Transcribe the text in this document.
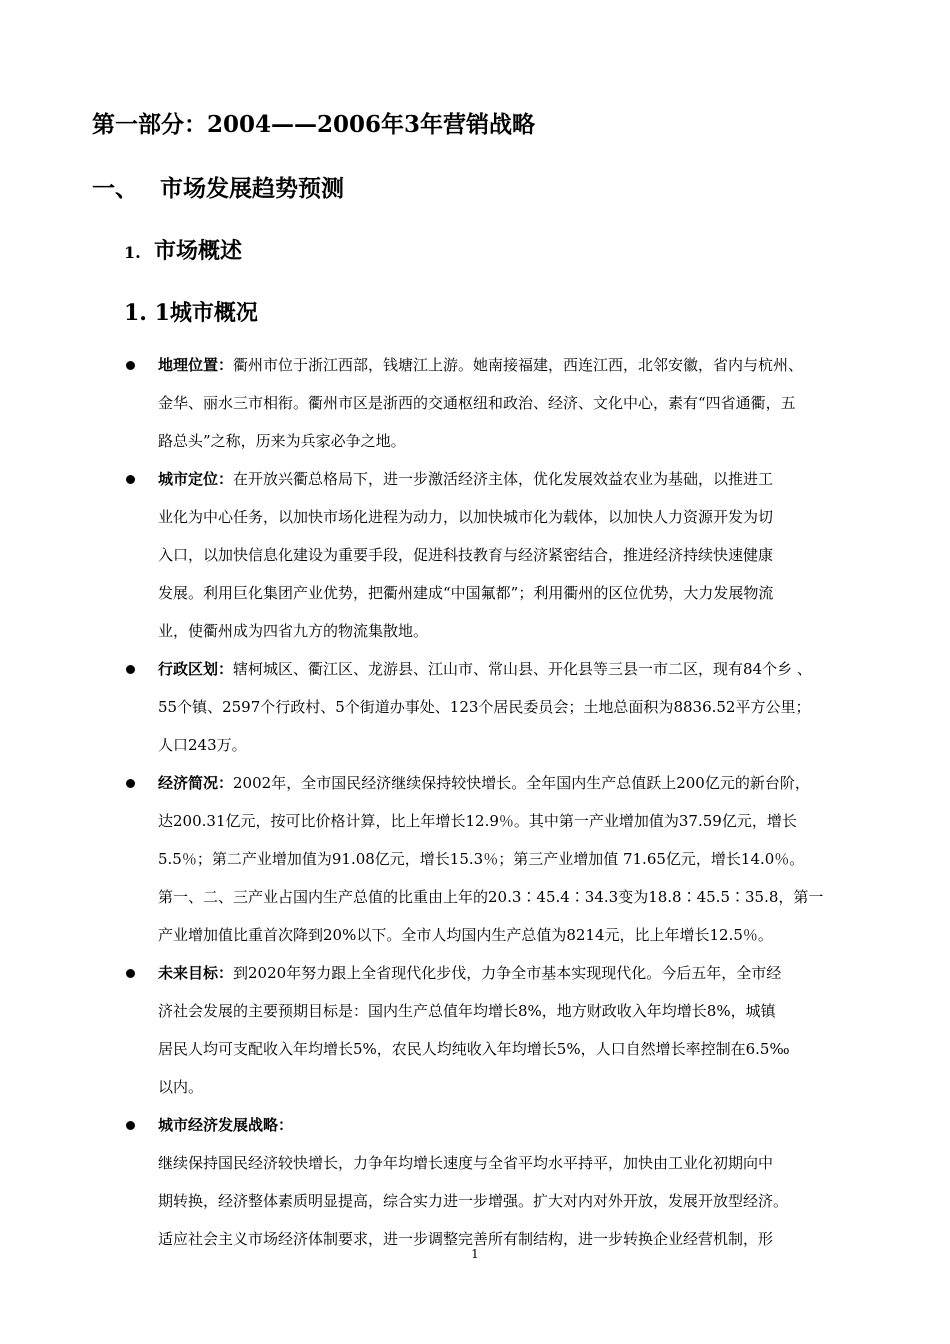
第一部分：2004——2006年3年营销战略
一、 市场发展趋势预测
1. 市场概述
1. 1城市概况
地理位置：衢州市位于浙江西部，钱塘江上游。她南接福建，西连江西，北邻安徽，省内与杭州、
金华、丽水三市相衔。衢州市区是浙西的交通枢纽和政治、经济、文化中心，素有“四省通衢，五
路总头”之称，历来为兵家必争之地。
城市定位：在开放兴衢总格局下，进一步激活经济主体，优化发展效益农业为基础，以推进工
业化为中心任务，以加快市场化进程为动力，以加快城市化为载体，以加快人力资源开发为切
入口，以加快信息化建设为重要手段，促进科技教育与经济紧密结合，推进经济持续快速健康
发展。利用巨化集团产业优势，把衢州建成“中国氟都”；利用衢州的区位优势，大力发展物流
业，使衢州成为四省九方的物流集散地。
行政区划：辖柯城区、衢江区、龙游县、江山市、常山县、开化县等三县一市二区，现有84个乡 、
55个镇、2597个行政村、5个街道办事处、123个居民委员会；土地总面积为8836.52平方公里；
人口243万。
经济简况：2002年，全市国民经济继续保持较快增长。全年国内生产总值跃上200亿元的新台阶，
达200.31亿元，按可比价格计算，比上年增长12.9％。其中第一产业增加值为37.59亿元，增长
5.5％；第二产业增加值为91.08亿元，增长15.3％；第三产业增加值 71.65亿元，增长14.0％。
第一、二、三产业占国内生产总值的比重由上年的20.3∶45.4∶34.3变为18.8∶45.5∶35.8，第一
产业增加值比重首次降到20%以下。全市人均国内生产总值为8214元，比上年增长12.5％。
未来目标：到2020年努力跟上全省现代化步伐，力争全市基本实现现代化。今后五年，全市经
济社会发展的主要预期目标是：国内生产总值年均增长8%，地方财政收入年均增长8%，城镇
居民人均可支配收入年均增长5%，农民人均纯收入年均增长5%，人口自然增长率控制在6.5‰
以内。
城市经济发展战略：
继续保持国民经济较快增长，力争年均增长速度与全省平均水平持平，加快由工业化初期向中
期转换，经济整体素质明显提高，综合实力进一步增强。扩大对内对外开放，发展开放型经济。
适应社会主义市场经济体制要求，进一步调整完善所有制结构，进一步转换企业经营机制，形
1
